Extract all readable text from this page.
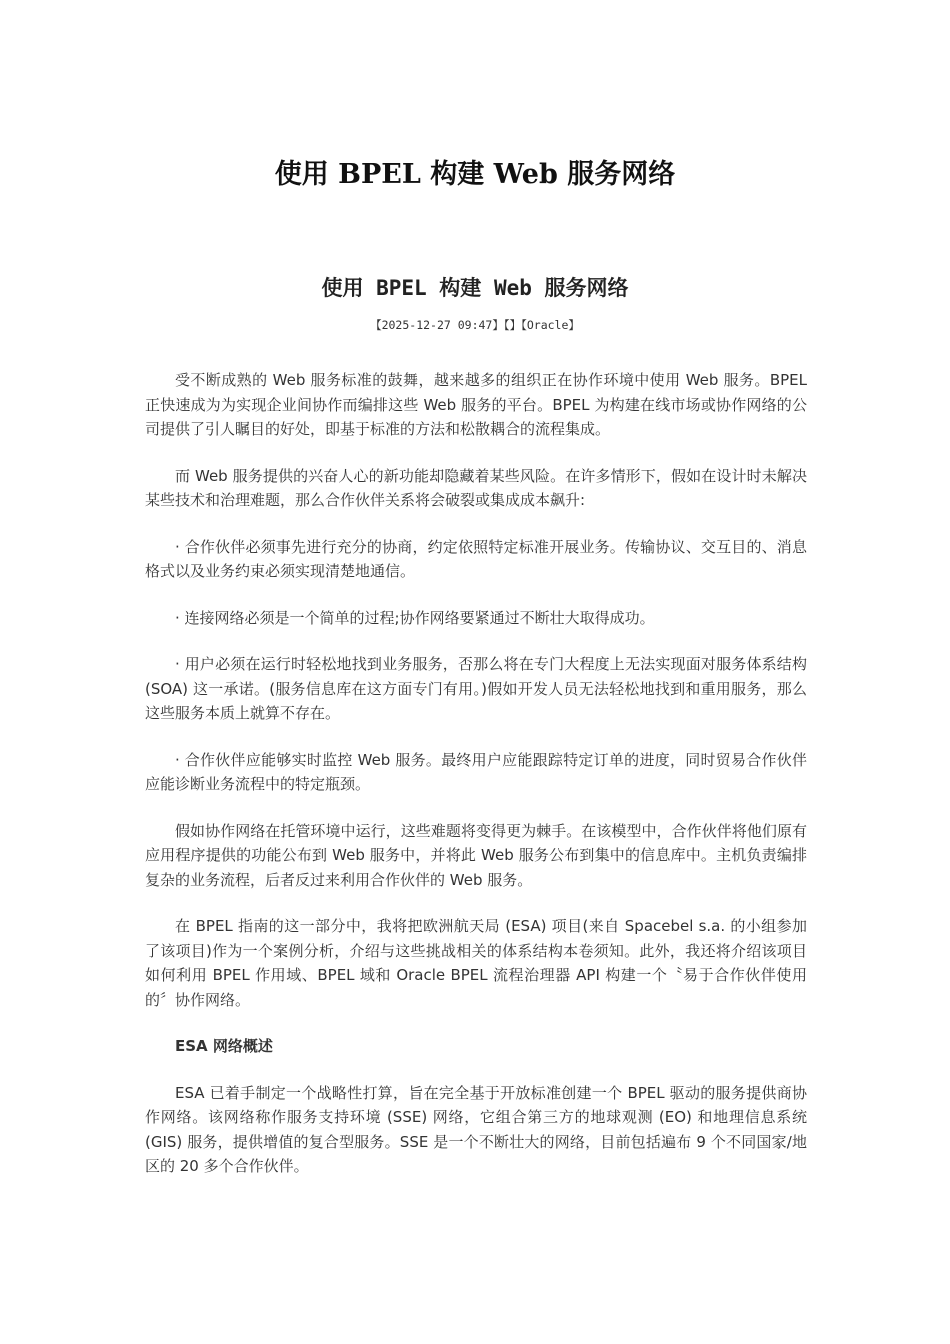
使用 BPEL 构建 Web 服务网络
使用 BPEL 构建 Web 服务网络
【2025-12-27 09:47】【】【Oracle】

受不断成熟的 Web 服务标准的鼓舞，越来越多的组织正在协作环境中使用 Web 服务。BPEL 正快速成为为实现企业间协作而编排这些 Web 服务的平台。BPEL 为构建在线市场或协作网络的公司提供了引人瞩目的好处，即基于标准的方法和松散耦合的流程集成。

而 Web 服务提供的兴奋人心的新功能却隐藏着某些风险。在许多情形下，假如在设计时未解决某些技术和治理难题，那么合作伙伴关系将会破裂或集成成本飙升:

· 合作伙伴必须事先进行充分的协商，约定依照特定标准开展业务。传输协议、交互目的、消息格式以及业务约束必须实现清楚地通信。

· 连接网络必须是一个简单的过程;协作网络要紧通过不断壮大取得成功。

· 用户必须在运行时轻松地找到业务服务，否那么将在专门大程度上无法实现面对服务体系结构 (SOA) 这一承诺。(服务信息库在这方面专门有用。)假如开发人员无法轻松地找到和重用服务，那么这些服务本质上就算不存在。

· 合作伙伴应能够实时监控 Web 服务。最终用户应能跟踪特定订单的进度，同时贸易合作伙伴应能诊断业务流程中的特定瓶颈。

假如协作网络在托管环境中运行，这些难题将变得更为棘手。在该模型中，合作伙伴将他们原有应用程序提供的功能公布到 Web 服务中，并将此 Web 服务公布到集中的信息库中。主机负责编排复杂的业务流程，后者反过来利用合作伙伴的 Web 服务。

在 BPEL 指南的这一部分中，我将把欧洲航天局 (ESA) 项目(来自 Spacebel s.a. 的小组参加了该项目)作为一个案例分析，介绍与这些挑战相关的体系结构本卷须知。此外，我还将介绍该项目如何利用 BPEL 作用域、BPEL 域和 Oracle BPEL 流程治理器 API 构建一个〝易于合作伙伴使用的〞协作网络。

ESA 网络概述

ESA 已着手制定一个战略性打算，旨在完全基于开放标准创建一个 BPEL 驱动的服务提供商协作网络。该网络称作服务支持环境 (SSE) 网络，它组合第三方的地球观测 (EO) 和地理信息系统 (GIS) 服务，提供增值的复合型服务。SSE 是一个不断壮大的网络，目前包括遍布 9 个不同国家/地区的 20 多个合作伙伴。
